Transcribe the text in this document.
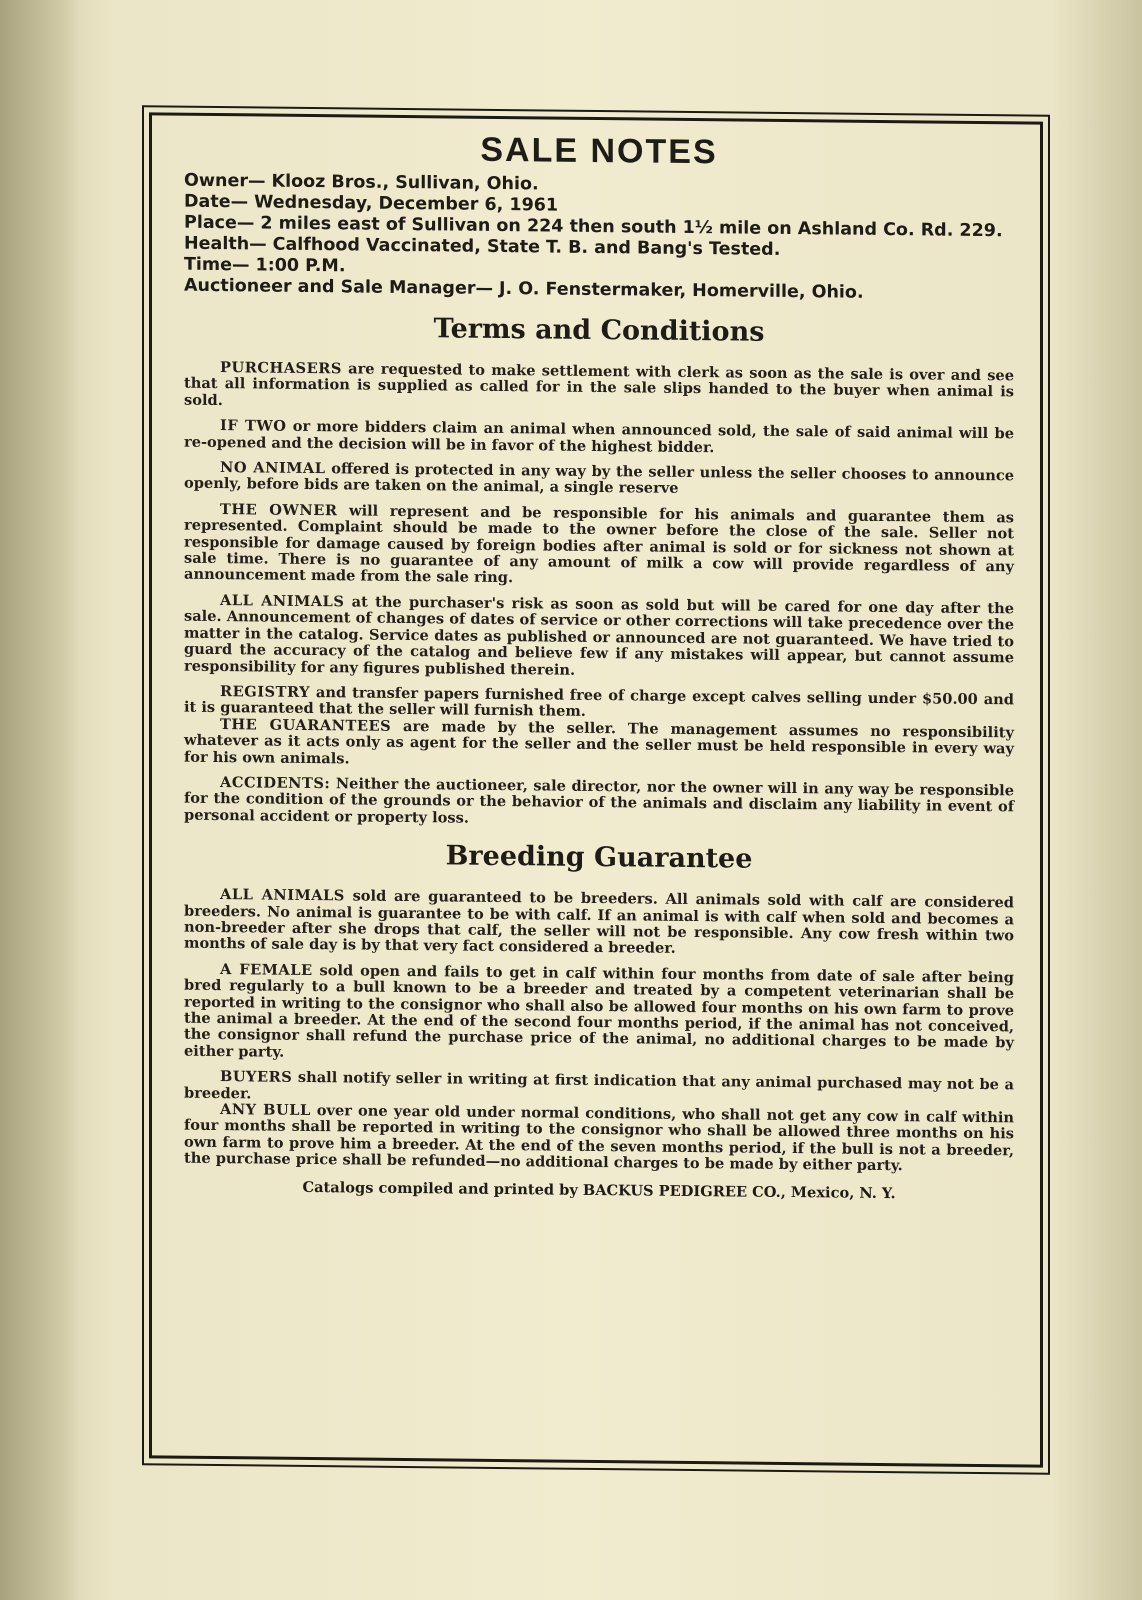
SALE NOTES
Owner— Klooz Bros., Sullivan, Ohio.
Date— Wednesday, December 6, 1961
Place— 2 miles east of Sullivan on 224 then south 1½ mile on Ashland Co. Rd. 229.
Health— Calfhood Vaccinated, State T. B. and Bang's Tested.
Time— 1:00 P.M.
Auctioneer and Sale Manager— J. O. Fenstermaker, Homerville, Ohio.
Terms and Conditions

PURCHASERS are requested to make settlement with clerk as soon as the sale is over and see that all information is supplied as called for in the sale slips handed to the buyer when animal is sold.

IF TWO or more bidders claim an animal when announced sold, the sale of said animal will be re-opened and the decision will be in favor of the highest bidder.

NO ANIMAL offered is protected in any way by the seller unless the seller chooses to announce openly, before bids are taken on the animal, a single reserve

THE OWNER will represent and be responsible for his animals and guarantee them as represented. Complaint should be made to the owner before the close of the sale. Seller not responsible for damage caused by foreign bodies after animal is sold or for sickness not shown at sale time. There is no guarantee of any amount of milk a cow will provide regardless of any announcement made from the sale ring.

ALL ANIMALS at the purchaser's risk as soon as sold but will be cared for one day after the sale. Announcement of changes of dates of service or other corrections will take precedence over the matter in the catalog. Service dates as published or announced are not guaranteed. We have tried to guard the accuracy of the catalog and believe few if any mistakes will appear, but cannot assume responsibility for any figures published therein.

REGISTRY and transfer papers furnished free of charge except calves selling under $50.00 and it is guaranteed that the seller will furnish them.

THE GUARANTEES are made by the seller. The management assumes no responsibility whatever as it acts only as agent for the seller and the seller must be held responsible in every way for his own animals.

ACCIDENTS: Neither the auctioneer, sale director, nor the owner will in any way be responsible for the condition of the grounds or the behavior of the animals and disclaim any liability in event of personal accident or property loss.

Breeding Guarantee

ALL ANIMALS sold are guaranteed to be breeders. All animals sold with calf are considered breeders. No animal is guarantee to be with calf. If an animal is with calf when sold and becomes a non-breeder after she drops that calf, the seller will not be responsible. Any cow fresh within two months of sale day is by that very fact considered a breeder.

A FEMALE sold open and fails to get in calf within four months from date of sale after being bred regularly to a bull known to be a breeder and treated by a competent veterinarian shall be reported in writing to the consignor who shall also be allowed four months on his own farm to prove the animal a breeder. At the end of the second four months period, if the animal has not conceived, the consignor shall refund the purchase price of the animal, no additional charges to be made by either party.

BUYERS shall notify seller in writing at first indication that any animal purchased may not be a breeder.

ANY BULL over one year old under normal conditions, who shall not get any cow in calf within four months shall be reported in writing to the consignor who shall be allowed three months on his own farm to prove him a breeder. At the end of the seven months period, if the bull is not a breeder, the purchase price shall be refunded—no additional charges to be made by either party.

Catalogs compiled and printed by BACKUS PEDIGREE CO., Mexico, N. Y.
